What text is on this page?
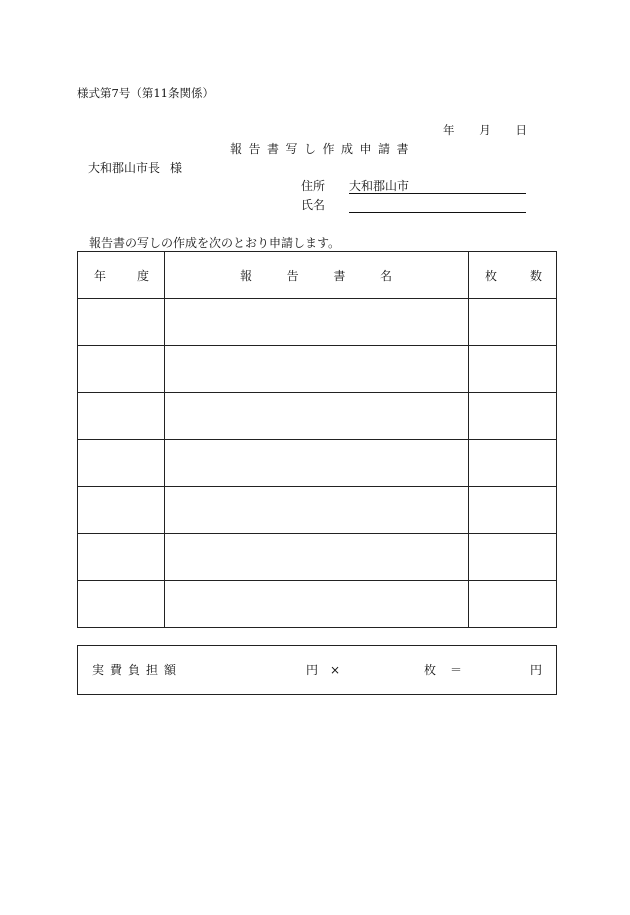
様式第7号（第11条関係）
年 月 日
報告書写し作成申請書
大和郡山市長 様
住所 大和郡山市
氏名
報告書の写しの作成を次のとおり申請します。
年 度	報 告 書 名	枚 数

実費負担額	円 ×	枚 ＝	円
